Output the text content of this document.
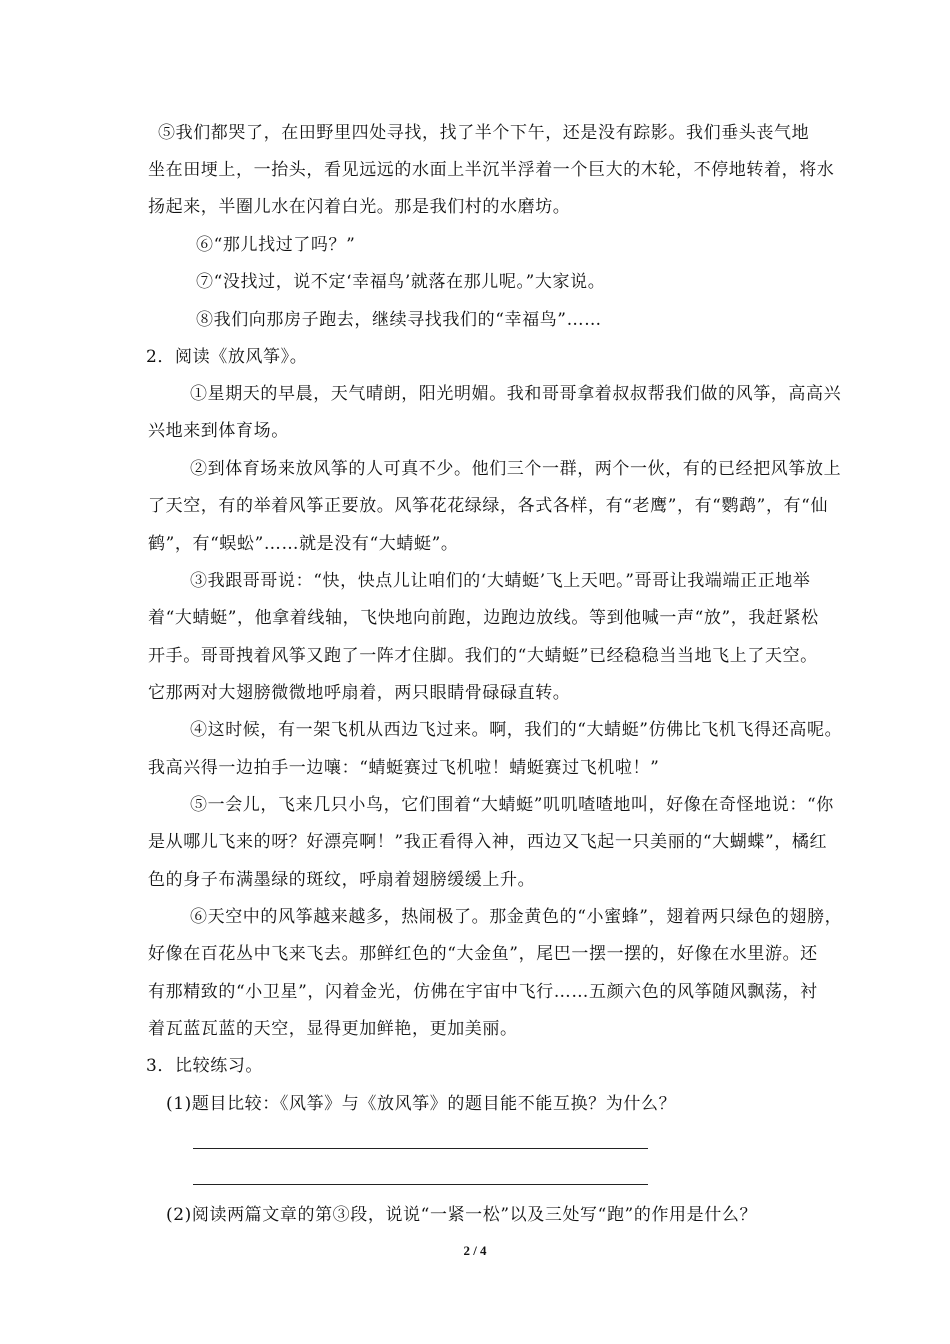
⑤我们都哭了，在田野里四处寻找，找了半个下午，还是没有踪影。我们垂头丧气地
坐在田埂上，一抬头，看见远远的水面上半沉半浮着一个巨大的木轮，不停地转着，将水
扬起来，半圈儿水在闪着白光。那是我们村的水磨坊。
⑥“那儿找过了吗？”
⑦“没找过，说不定‘幸福鸟’就落在那儿呢。”大家说。
⑧我们向那房子跑去，继续寻找我们的“幸福鸟”……
2．阅读《放风筝》。
①星期天的早晨，天气晴朗，阳光明媚。我和哥哥拿着叔叔帮我们做的风筝，高高兴
兴地来到体育场。
②到体育场来放风筝的人可真不少。他们三个一群，两个一伙，有的已经把风筝放上
了天空，有的举着风筝正要放。风筝花花绿绿，各式各样，有“老鹰”，有“鹦鹉”，有“仙
鹤”，有“蜈蚣”……就是没有“大蜻蜓”。
③我跟哥哥说：“快，快点儿让咱们的‘大蜻蜓’飞上天吧。”哥哥让我端端正正地举
着“大蜻蜓”，他拿着线轴，飞快地向前跑，边跑边放线。等到他喊一声“放”，我赶紧松
开手。哥哥拽着风筝又跑了一阵才住脚。我们的“大蜻蜓”已经稳稳当当地飞上了天空。
它那两对大翅膀微微地呼扇着，两只眼睛骨碌碌直转。
④这时候，有一架飞机从西边飞过来。啊，我们的“大蜻蜓”仿佛比飞机飞得还高呢。
我高兴得一边拍手一边嚷：“蜻蜓赛过飞机啦！蜻蜓赛过飞机啦！”
⑤一会儿，飞来几只小鸟，它们围着“大蜻蜓”叽叽喳喳地叫，好像在奇怪地说：“你
是从哪儿飞来的呀？好漂亮啊！”我正看得入神，西边又飞起一只美丽的“大蝴蝶”，橘红
色的身子布满墨绿的斑纹，呼扇着翅膀缓缓上升。
⑥天空中的风筝越来越多，热闹极了。那金黄色的“小蜜蜂”，翅着两只绿色的翅膀，
好像在百花丛中飞来飞去。那鲜红色的“大金鱼”，尾巴一摆一摆的，好像在水里游。还
有那精致的“小卫星”，闪着金光，仿佛在宇宙中飞行……五颜六色的风筝随风飘荡，衬
着瓦蓝瓦蓝的天空，显得更加鲜艳，更加美丽。
3．比较练习。
(1)题目比较：《风筝》与《放风筝》的题目能不能互换？为什么？
(2)阅读两篇文章的第③段，说说“一紧一松”以及三处写“跑”的作用是什么？
2 / 4
